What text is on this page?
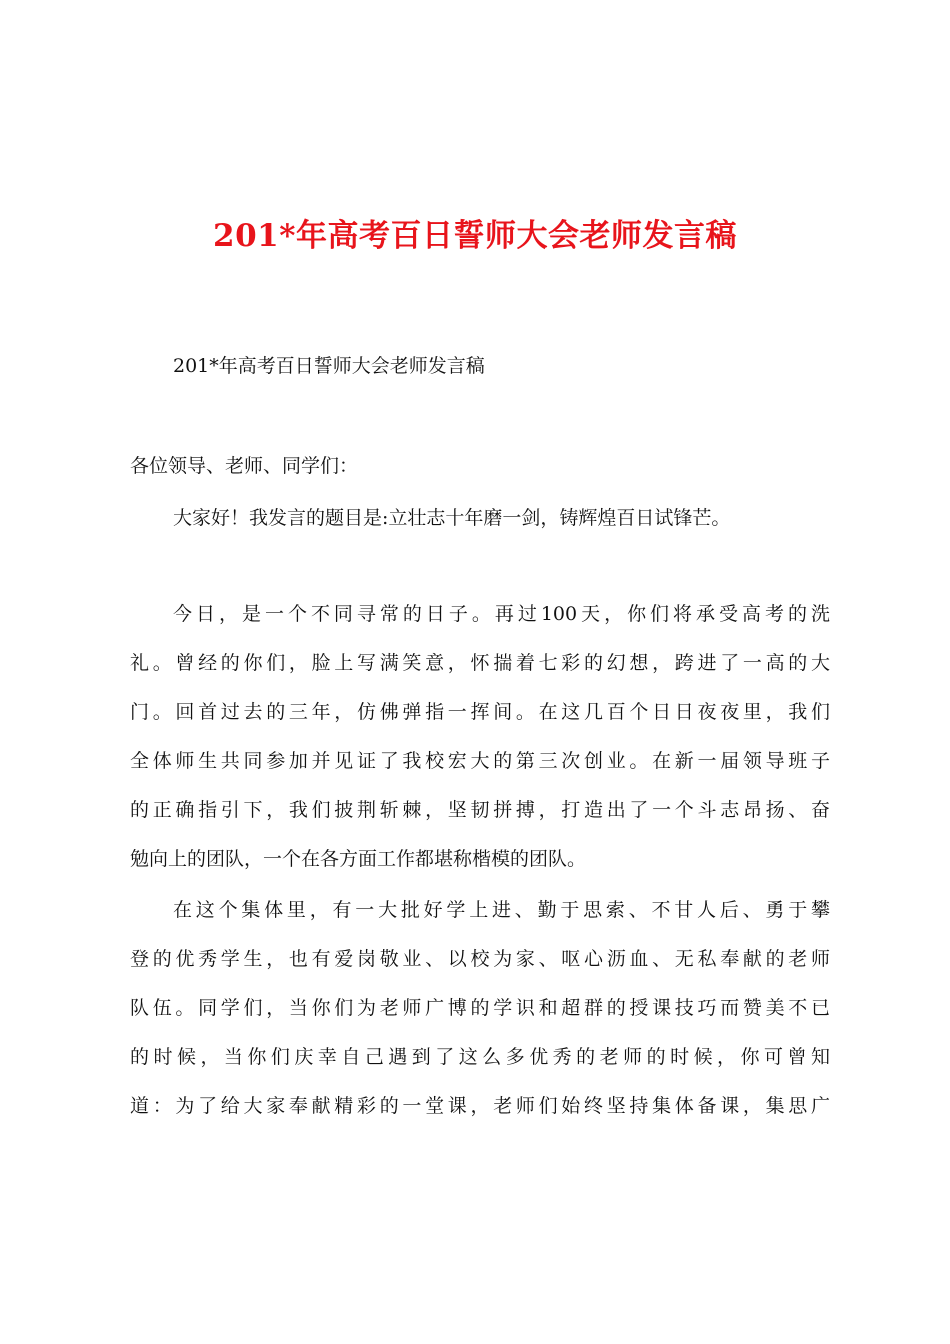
201*年高考百日誓师大会老师发言稿
201*年高考百日誓师大会老师发言稿
各位领导、老师、同学们：
大家好！我发言的题目是:立壮志十年磨一剑，铸辉煌百日试锋芒。
今日，是一个不同寻常的日子。再过100天，你们将承受高考的洗
礼。曾经的你们，脸上写满笑意，怀揣着七彩的幻想，跨进了一高的大
门。回首过去的三年，仿佛弹指一挥间。在这几百个日日夜夜里，我们
全体师生共同参加并见证了我校宏大的第三次创业。在新一届领导班子
的正确指引下，我们披荆斩棘，坚韧拼搏，打造出了一个斗志昂扬、奋
勉向上的团队，一个在各方面工作都堪称楷模的团队。
在这个集体里，有一大批好学上进、勤于思索、不甘人后、勇于攀
登的优秀学生，也有爱岗敬业、以校为家、呕心沥血、无私奉献的老师
队伍。同学们，当你们为老师广博的学识和超群的授课技巧而赞美不已
的时候，当你们庆幸自己遇到了这么多优秀的老师的时候，你可曾知
道：为了给大家奉献精彩的一堂课，老师们始终坚持集体备课，集思广
